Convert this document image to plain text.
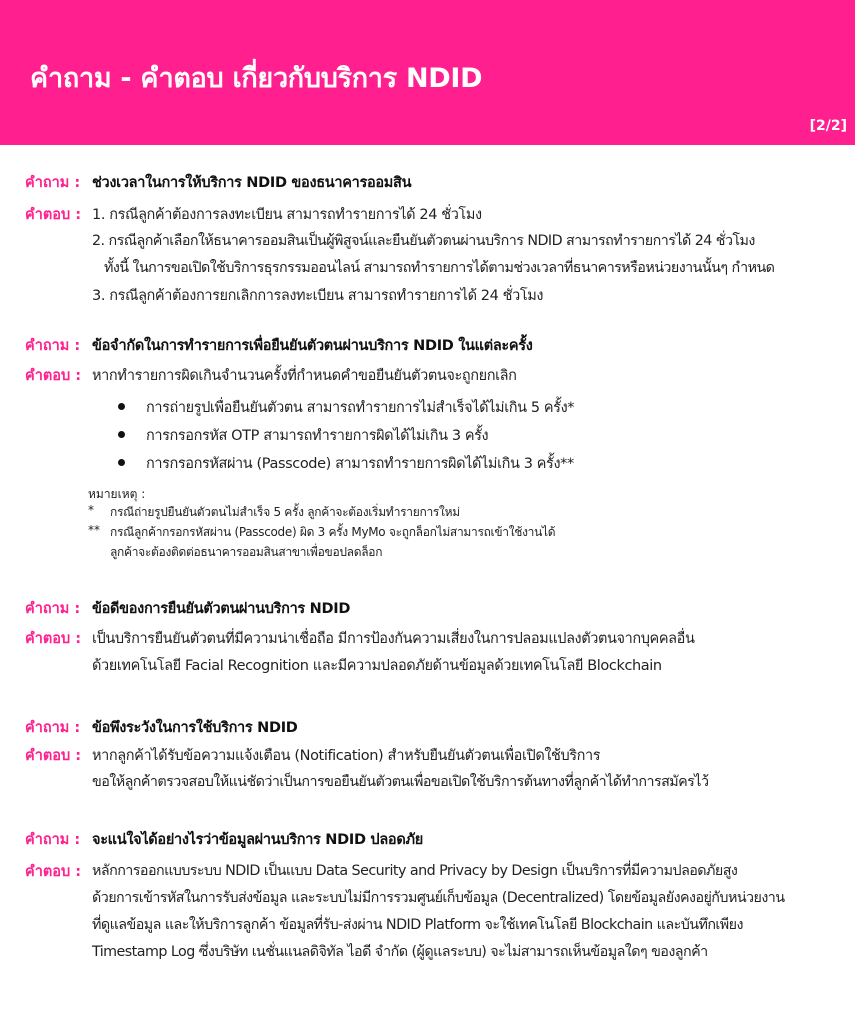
คำถาม - คำตอบ เกี่ยวกับบริการ NDID
[2/2]
คำถาม : ช่วงเวลาในการให้บริการ NDID ของธนาคารออมสิน
คำตอบ : 1. กรณีลูกค้าต้องการลงทะเบียน สามารถทำรายการได้ 24 ชั่วโมง
2. กรณีลูกค้าเลือกให้ธนาคารออมสินเป็นผู้พิสูจน์และยืนยันตัวตนผ่านบริการ NDID สามารถทำรายการได้ 24 ชั่วโมง
ทั้งนี้ ในการขอเปิดใช้บริการธุรกรรมออนไลน์ สามารถทำรายการได้ตามช่วงเวลาที่ธนาคารหรือหน่วยงานนั้นๆ กำหนด
3. กรณีลูกค้าต้องการยกเลิกการลงทะเบียน สามารถทำรายการได้ 24 ชั่วโมง
คำถาม : ข้อจำกัดในการทำรายการเพื่อยืนยันตัวตนผ่านบริการ NDID ในแต่ละครั้ง
คำตอบ : หากทำรายการผิดเกินจำนวนครั้งที่กำหนดคำขอยืนยันตัวตนจะถูกยกเลิก
การถ่ายรูปเพื่อยืนยันตัวตน สามารถทำรายการไม่สำเร็จได้ไม่เกิน 5 ครั้ง*
การกรอกรหัส OTP สามารถทำรายการผิดได้ไม่เกิน 3 ครั้ง
การกรอกรหัสผ่าน (Passcode) สามารถทำรายการผิดได้ไม่เกิน 3 ครั้ง**
หมายเหตุ :
* กรณีถ่ายรูปยืนยันตัวตนไม่สำเร็จ 5 ครั้ง ลูกค้าจะต้องเริ่มทำรายการใหม่
** กรณีลูกค้ากรอกรหัสผ่าน (Passcode) ผิด 3 ครั้ง MyMo จะถูกล็อกไม่สามารถเข้าใช้งานได้
ลูกค้าจะต้องติดต่อธนาคารออมสินสาขาเพื่อขอปลดล็อก
คำถาม : ข้อดีของการยืนยันตัวตนผ่านบริการ NDID
คำตอบ : เป็นบริการยืนยันตัวตนที่มีความน่าเชื่อถือ มีการป้องกันความเสี่ยงในการปลอมแปลงตัวตนจากบุคคลอื่น
ด้วยเทคโนโลยี Facial Recognition และมีความปลอดภัยด้านข้อมูลด้วยเทคโนโลยี Blockchain
คำถาม : ข้อพึงระวังในการใช้บริการ NDID
คำตอบ : หากลูกค้าได้รับข้อความแจ้งเตือน (Notification) สำหรับยืนยันตัวตนเพื่อเปิดใช้บริการ
ขอให้ลูกค้าตรวจสอบให้แน่ชัดว่าเป็นการขอยืนยันตัวตนเพื่อขอเปิดใช้บริการต้นทางที่ลูกค้าได้ทำการสมัครไว้
คำถาม : จะแน่ใจได้อย่างไรว่าข้อมูลผ่านบริการ NDID ปลอดภัย
คำตอบ : หลักการออกแบบระบบ NDID เป็นแบบ Data Security and Privacy by Design เป็นบริการที่มีความปลอดภัยสูง
ด้วยการเข้ารหัสในการรับส่งข้อมูล และระบบไม่มีการรวมศูนย์เก็บข้อมูล (Decentralized) โดยข้อมูลยังคงอยู่กับหน่วยงาน
ที่ดูแลข้อมูล และให้บริการลูกค้า ข้อมูลที่รับ-ส่งผ่าน NDID Platform จะใช้เทคโนโลยี Blockchain และบันทึกเพียง
Timestamp Log ซึ่งบริษัท เนชั่นแนลดิจิทัล ไอดี จำกัด (ผู้ดูแลระบบ) จะไม่สามารถเห็นข้อมูลใดๆ ของลูกค้า
